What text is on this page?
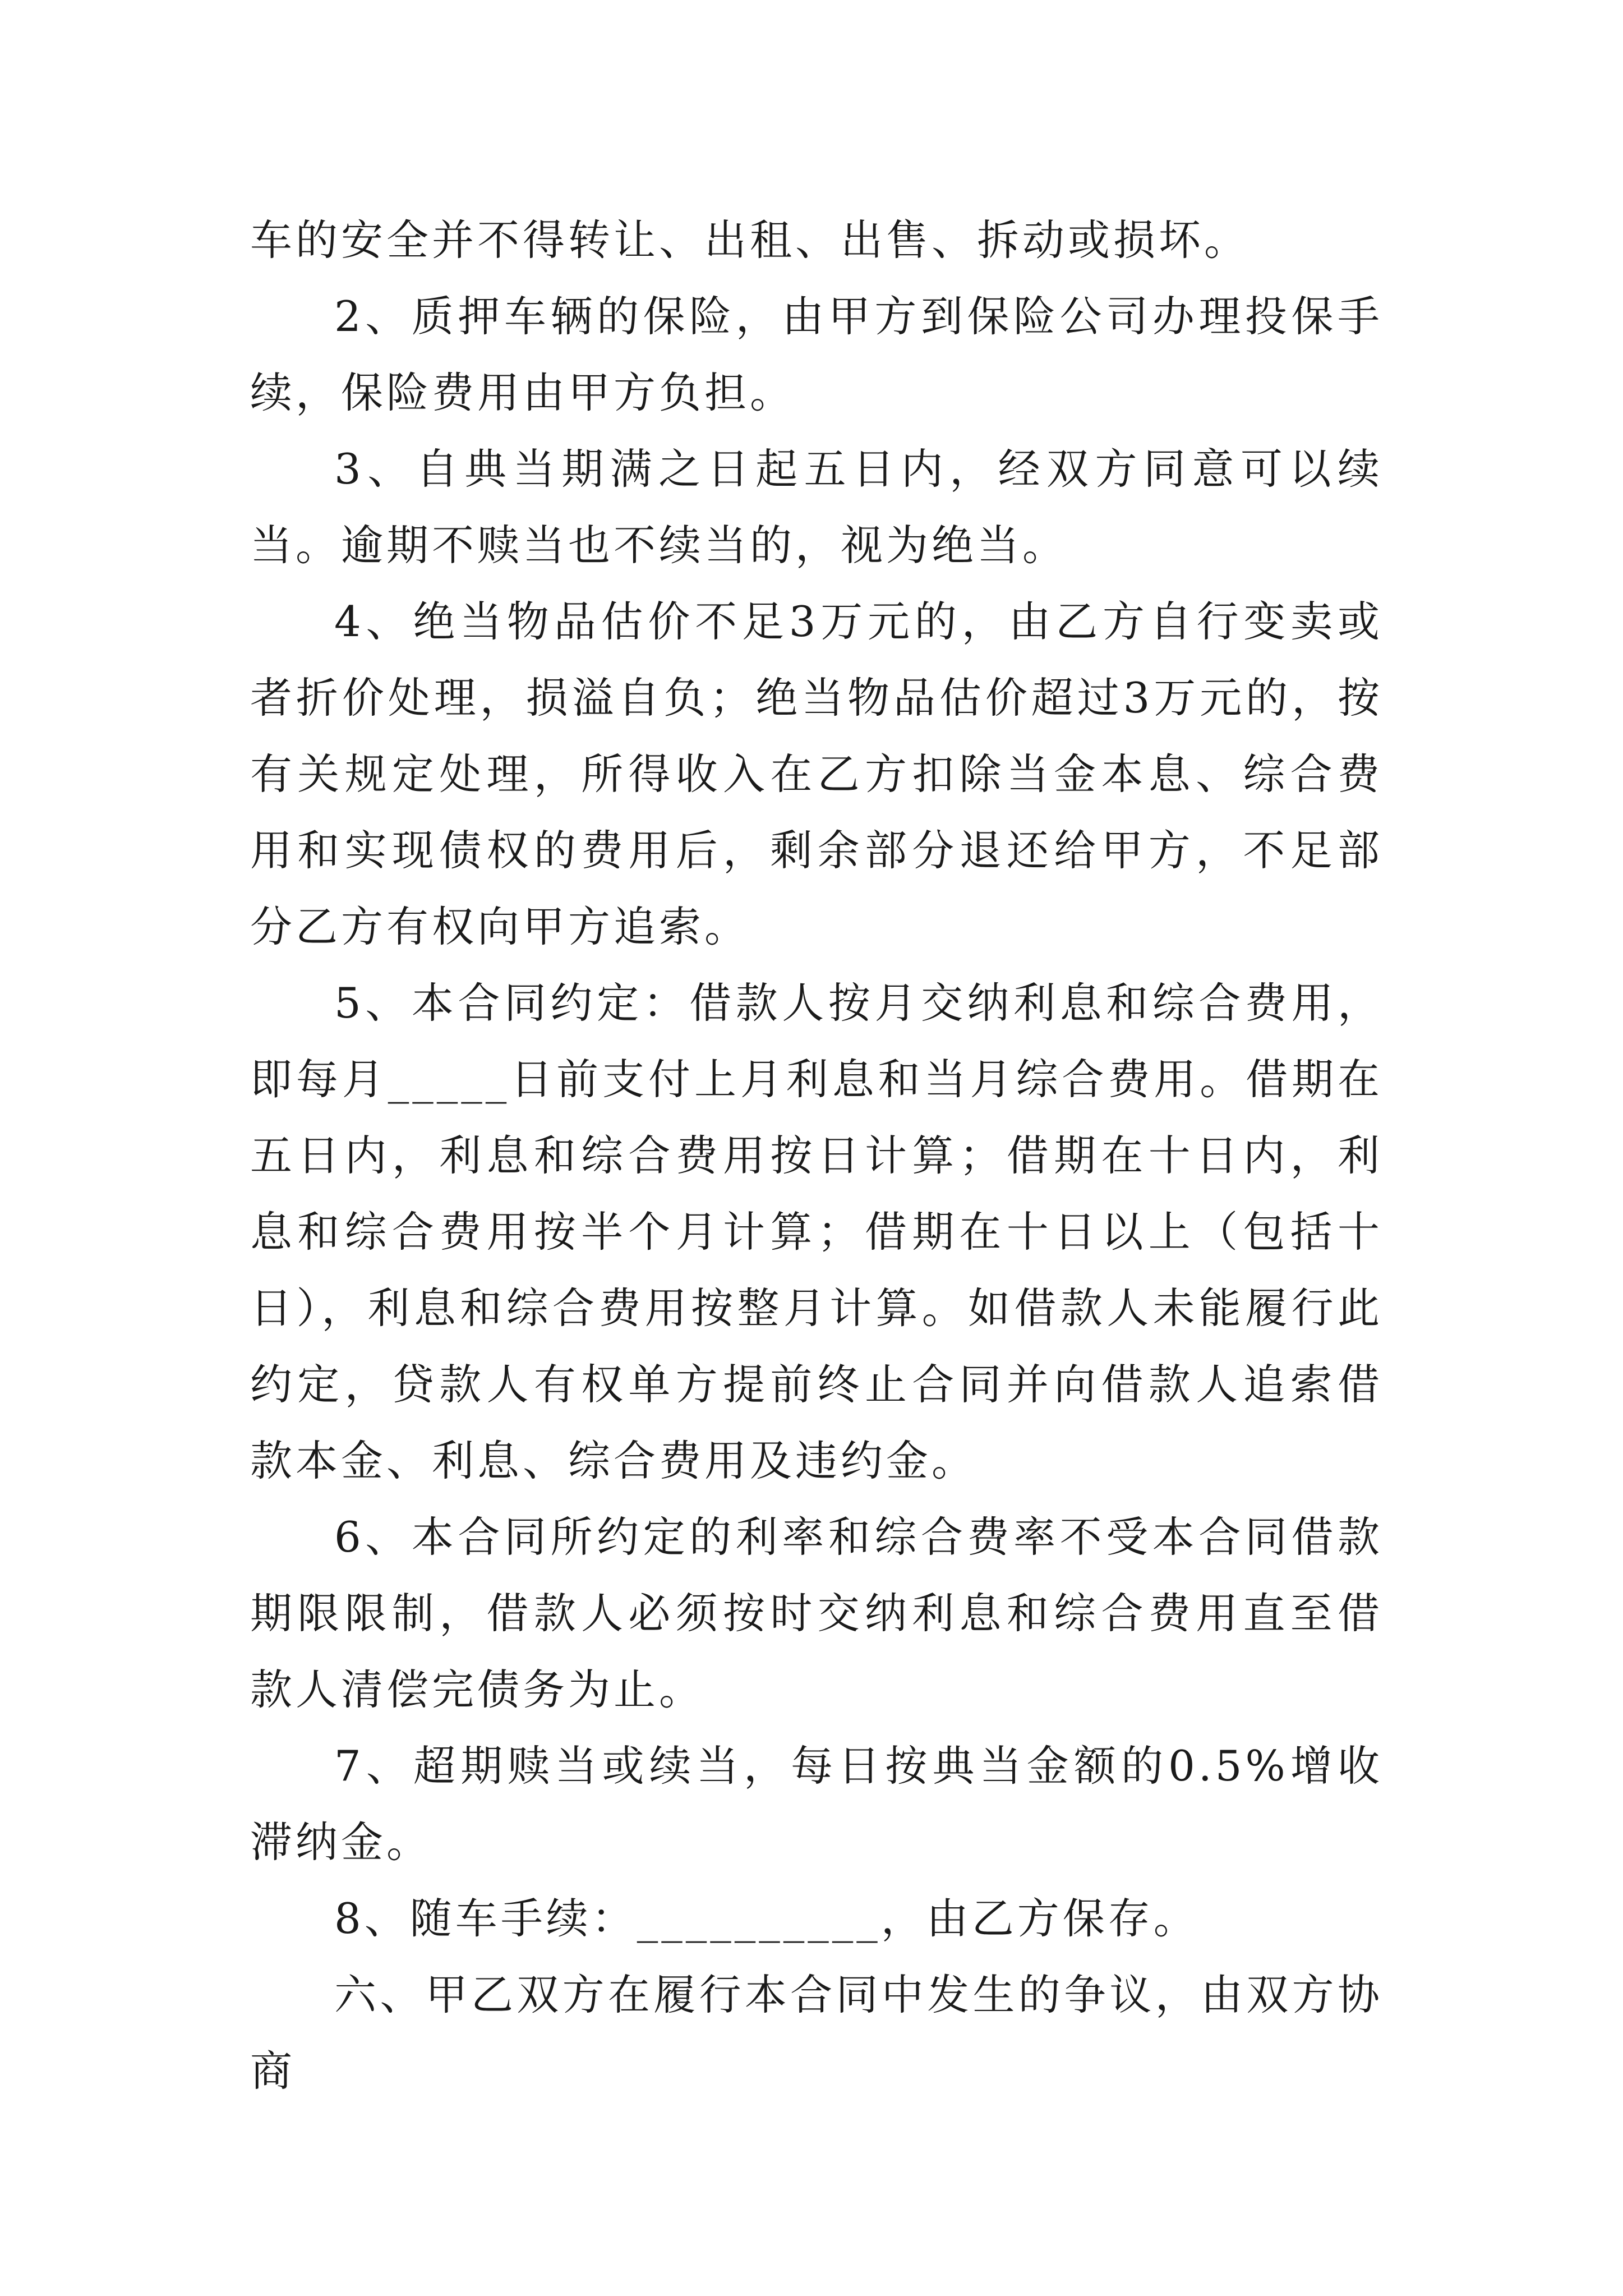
车的安全并不得转让、出租、出售、拆动或损坏。

2、质押车辆的保险，由甲方到保险公司办理投保手续，保险费用由甲方负担。

3、自典当期满之日起五日内，经双方同意可以续当。逾期不赎当也不续当的，视为绝当。

4、绝当物品估价不足3万元的，由乙方自行变卖或者折价处理，损溢自负；绝当物品估价超过3万元的，按有关规定处理，所得收入在乙方扣除当金本息、综合费用和实现债权的费用后，剩余部分退还给甲方，不足部分乙方有权向甲方追索。

5、本合同约定：借款人按月交纳利息和综合费用，即每月_____日前支付上月利息和当月综合费用。借期在五日内，利息和综合费用按日计算；借期在十日内，利息和综合费用按半个月计算；借期在十日以上（包括十日），利息和综合费用按整月计算。如借款人未能履行此约定，贷款人有权单方提前终止合同并向借款人追索借款本金、利息、综合费用及违约金。

6、本合同所约定的利率和综合费率不受本合同借款期限限制，借款人必须按时交纳利息和综合费用直至借款人清偿完债务为止。

7、超期赎当或续当，每日按典当金额的0.5%增收滞纳金。

8、随车手续：__________，由乙方保存。

六、甲乙双方在履行本合同中发生的争议，由双方协商
